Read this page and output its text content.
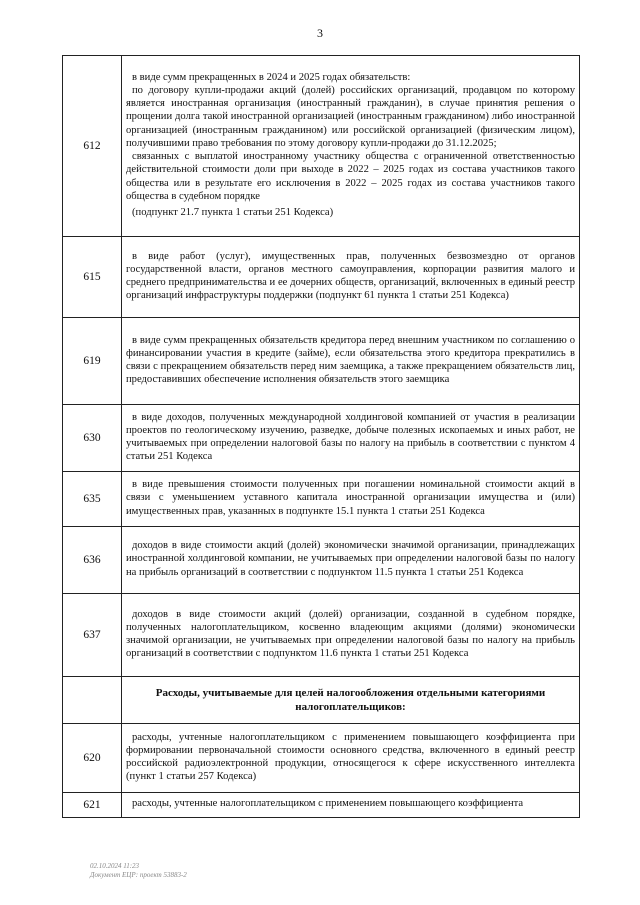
3
612	в виде сумм прекращенных в 2024 и 2025 годах обязательств:

по договору купли-продажи акций (долей) российских организаций, продавцом по которому является иностранная организация (иностранный гражданин), в случае принятия решения о прощении долга такой иностранной организацией (иностранным гражданином) либо иностранной организацией (иностранным гражданином) или российской организацией (физическим лицом), получившими право требования по этому договору купли-продажи до 31.12.2025;

связанных с выплатой иностранному участнику общества с ограниченной ответственностью действительной стоимости доли при выходе в 2022 – 2025 годах из состава участников такого общества или в результате его исключения в 2022 – 2025 годах из состава участников такого общества в судебном порядке

(подпункт 21.7 пункта 1 статьи 251 Кодекса)

615	в виде работ (услуг), имущественных прав, полученных безвозмездно от органов государственной власти, органов местного самоуправления, корпорации развития малого и среднего предпринимательства и ее дочерних обществ, организаций, включенных в единый реестр организаций инфраструктуры поддержки (подпункт 61 пункта 1 статьи 251 Кодекса)

619	в виде сумм прекращенных обязательств кредитора перед внешним участником по соглашению о финансировании участия в кредите (займе), если обязательства этого кредитора прекратились в связи с прекращением обязательств перед ним заемщика, а также прекращением обязательств лиц, предоставивших обеспечение исполнения обязательств этого заемщика

630	в виде доходов, полученных международной холдинговой компанией от участия в реализации проектов по геологическому изучению, разведке, добыче полезных ископаемых и иных работ, не учитываемых при определении налоговой базы по налогу на прибыль в соответствии с пунктом 4 статьи 251 Кодекса

635	в виде превышения стоимости полученных при погашении номинальной стоимости акций в связи с уменьшением уставного капитала иностранной организации имущества и (или) имущественных прав, указанных в подпункте 15.1 пункта 1 статьи 251 Кодекса

636	доходов в виде стоимости акций (долей) экономически значимой организации, принадлежащих иностранной холдинговой компании, не учитываемых при определении налоговой базы по налогу на прибыль организаций в соответствии с подпунктом 11.5 пункта 1 статьи 251 Кодекса

637	доходов в виде стоимости акций (долей) организации, созданной в судебном порядке, полученных налогоплательщиком, косвенно владеющим акциями (долями) экономически значимой организации, не учитываемых при определении налоговой базы по налогу на прибыль организаций в соответствии с подпунктом 11.6 пункта 1 статьи 251 Кодекса

	Расходы, учитываемые для целей налогообложения отдельными категориями налогоплательщиков:
620	расходы, учтенные налогоплательщиком с применением повышающего коэффициента при формировании первоначальной стоимости основного средства, включенного в единый реестр российской радиоэлектронной продукции, относящегося к сфере искусственного интеллекта (пункт 1 статьи 257 Кодекса)

621	расходы, учтенные налогоплательщиком с применением повышающего коэффициента

02.10.2024 11:23
Документ ЕЦР: проект 53883-2
